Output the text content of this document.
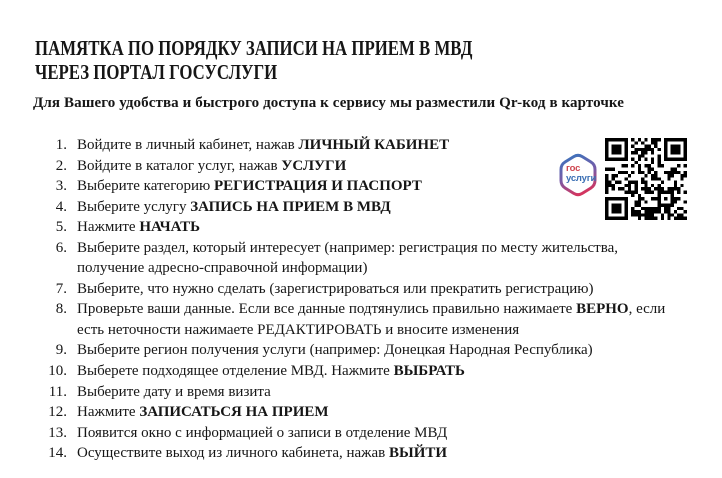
ПАМЯТКА ПО ПОРЯДКУ ЗАПИСИ НА ПРИЕМ В МВД
ЧЕРЕЗ ПОРТАЛ ГОСУСЛУГИ
Для Вашего удобства и быстрого доступа к сервису мы разместили Qr-код в карточке
1. Войдите в личный кабинет, нажав ЛИЧНЫЙ КАБИНЕТ
2. Войдите в каталог услуг, нажав УСЛУГИ
3. Выберите категорию РЕГИСТРАЦИЯ И ПАСПОРТ
4. Выберите услугу ЗАПИСЬ НА ПРИЕМ В МВД
5. Нажмите НАЧАТЬ
6. Выберите раздел, который интересует (например: регистрация по месту жительства, получение адресно-справочной информации)
7. Выберите, что нужно сделать (зарегистрироваться или прекратить регистрацию)
8. Проверьте ваши данные. Если все данные подтянулись правильно нажимаете ВЕРНО, если есть неточности нажимаете РЕДАКТИРОВАТЬ и вносите изменения
9. Выберите регион получения услуги (например: Донецкая Народная Республика)
10. Выберете подходящее отделение МВД. Нажмите ВЫБРАТЬ
11. Выберите дату и время визита
12. Нажмите ЗАПИСАТЬСЯ НА ПРИЕМ
13. Появится окно с информацией о записи в отделение МВД
14. Осуществите выход из личного кабинета, нажав ВЫЙТИ
гос
услуги
